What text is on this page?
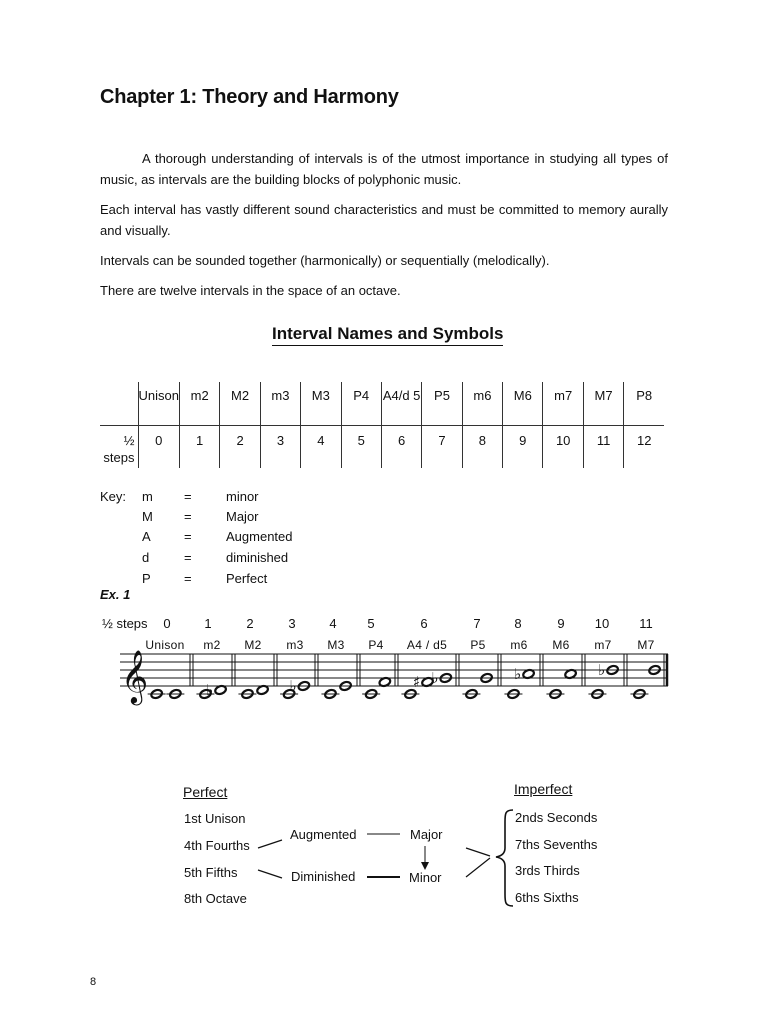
Chapter 1: Theory and Harmony

A thorough understanding of intervals is of the utmost importance in studying all types of music, as intervals are the building blocks of polyphonic music.

Each interval has vastly different sound characteristics and must be committed to memory aurally and visually.

Intervals can be sounded together (harmonically) or sequentially (melodically).

There are twelve intervals in the space of an octave.

Interval Names and Symbols
	Unison	m2	M2	m3	M3	P4	A4/d 5	P5	m6	M6	m7	M7	P8
½ steps	0	1	2	3	4	5	6	7	8	9	10	11	12
Key: m =	minor
M =	Major
A	=	Augmented
d	=	diminished
P	=	Perfect
Ex. 1
½ steps 0	1	2	3	4 5	6	7	8	9 10 11
Unison m2 M2 m3 M3 P4 A4 / d5 P5 m6 M6 m7 M7
𝄞	♭	♭	♯ ♭	♭	♭
Perfect
1st Unison
4th Fourths
5th Fifths
8th Octave
Augmented
Diminished
Major
Minor
Imperfect
2nds Seconds
7ths Sevenths
3rds Thirds
6ths Sixths
8
